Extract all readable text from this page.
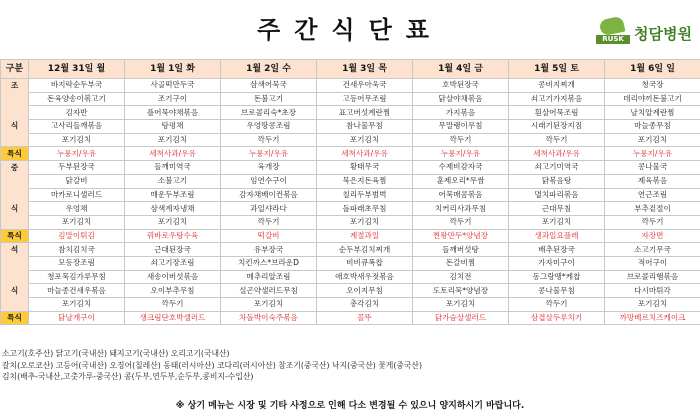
주간식단표	RUSK 청담병원
구분	12월 31일 월	1월 1일 화	1월 2일 수	1월 3일 목	1월 4일 금	1월 5일 토	1월 6일 일
조	바지락순두부국	사골떡만두국	삼색어묵국	건새우아욱국	호박된장국	콩비지찌개	청국장
	돈육양송이볶고기	조기구이	돈불고기	고등어무조림	닭살야채볶음	쇠고기가지볶음	데리야끼돈불고기
	김자반	플어묵야채볶음	브로콜리숙*초장	표고버섯계란찜	가지볶음	흰살어묵조림	날치알계란찜
식	고사리들깨볶음	탕평채	우엉땅콩조림	참나물무침	무말랭이무침	시래기된장지짐	마늘종무침
	포기김치	포기김치	깍두기	포기김치	깍두기	깍두기	포기김치
특식	누룽지/우유	세척사과/우유	누룽지/우유	세척사과/우유	누룽지/우유	세척사과/우유	누룽지/우유
중	두부된장국	들깨미역국	육개장	황태무국	수제비감자국	쇠고기미역국	콩나물국
	닭갈비	소불고기	임연수구이	묵은지돈육찜	훈제오리*무쌈	닭볶음탕	제육볶음
	마카로니샐러드	매운두부조림	감자채베이컨볶음	칠리두부범벅	어묵매콤볶음	멸치파리볶음	연근조림
식	우엉채	삼색계자냉채	과일샤라다	돌파래초무침	치커리사과무침	근대무침	부추겉절이
	포기김치	포기김치	깍두기	포기김치	깍두기	포기김치	깍두기
특식	김말이튀김	꿔바로우탕수육	떡갈비	계절과일	찐왕만두*양념장	생과일요플레	자장면
석	참치김치국	근대된장국	유부장국	순두부김치찌개	들깨버섯탕	배추된장국	소고기무국
	모등장조림	쇠고기장조림	치킨까스*브라운D	비비큐폭찹	돈갈비찜	가자미구이	적어구이
	청포묵김가루무침	새송이버섯볶음	메추리알조림	애호박새우젓볶음	김치전	동그랑땡*케찹	브로콜리햄볶음
식	마늘종건새우볶음	오이부추무침	실곤약샐러드무침	오이지무침	도토리묵*양념장	콩나물무침	다시마튀각
	포기김치	깍두기	포기김치	총각김치	포기김치	깍두기	포기김치
특식	닭날개구이	생크림단호박샐러드	차돌박이숙주볶음	꼴뚜	닭가슴살샐러드	삼겹살두루치기	까망베르치즈케이크
소고기(호주산) 닭고기(국내산) 돼지고기(국내산) 오리고기(국내산)
갈치(오로코산) 고등어(국내산) 오징어(칠레산) 동태(러시아산) 코다리(러시아산) 참조기(중국산) 낙지(중국산) 꽃게(중국산)
김치(배추-국내산,고춧가루-중국산) 콩(두부,연두부,순두부,콩비지-수입산)
※ 상기 메뉴는 시장 및 기타 사정으로 인해 다소 변경될 수 있으니 양지하시기 바랍니다.
